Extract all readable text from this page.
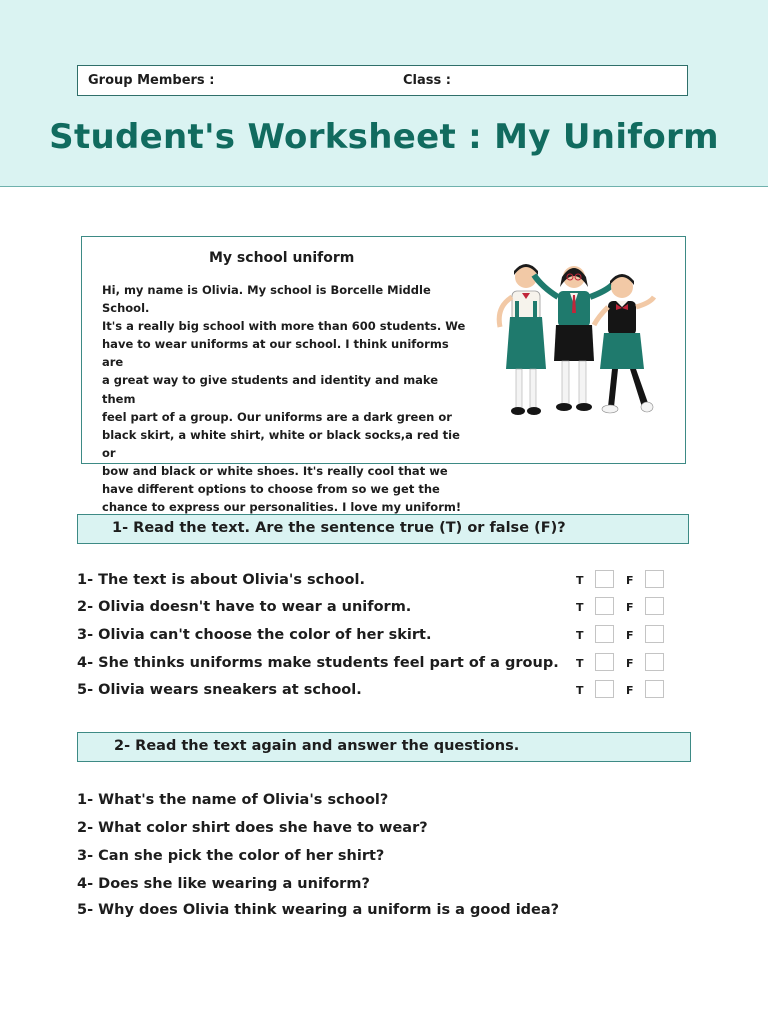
Group Members :	Class :
Student's Worksheet : My Uniform
My school uniform
Hi, my name is Olivia. My school is Borcelle Middle School.
It's a really big school with more than 600 students. We
have to wear uniforms at our school. I think uniforms are
a great way to give students and identity and make them
feel part of a group. Our uniforms are a dark green or
black skirt, a white shirt, white or black socks,a red tie or
bow and black or white shoes. It's really cool that we
have different options to choose from so we get the
chance to express our personalities. I love my uniform!
1- Read the text. Are the sentence true (T) or false (F)?
1- The text is about Olivia's school.	T	F
2- Olivia doesn't have to wear a uniform.	T	F
3- Olivia can't choose the color of her skirt.	T	F
4- She thinks uniforms make students feel part of a group. T	F
5- Olivia wears sneakers at school.	T	F
2- Read the text again and answer the questions.
1- What's the name of Olivia's school?
2- What color shirt does she have to wear?
3- Can she pick the color of her shirt?
4- Does she like wearing a uniform?
5- Why does Olivia think wearing a uniform is a good idea?
